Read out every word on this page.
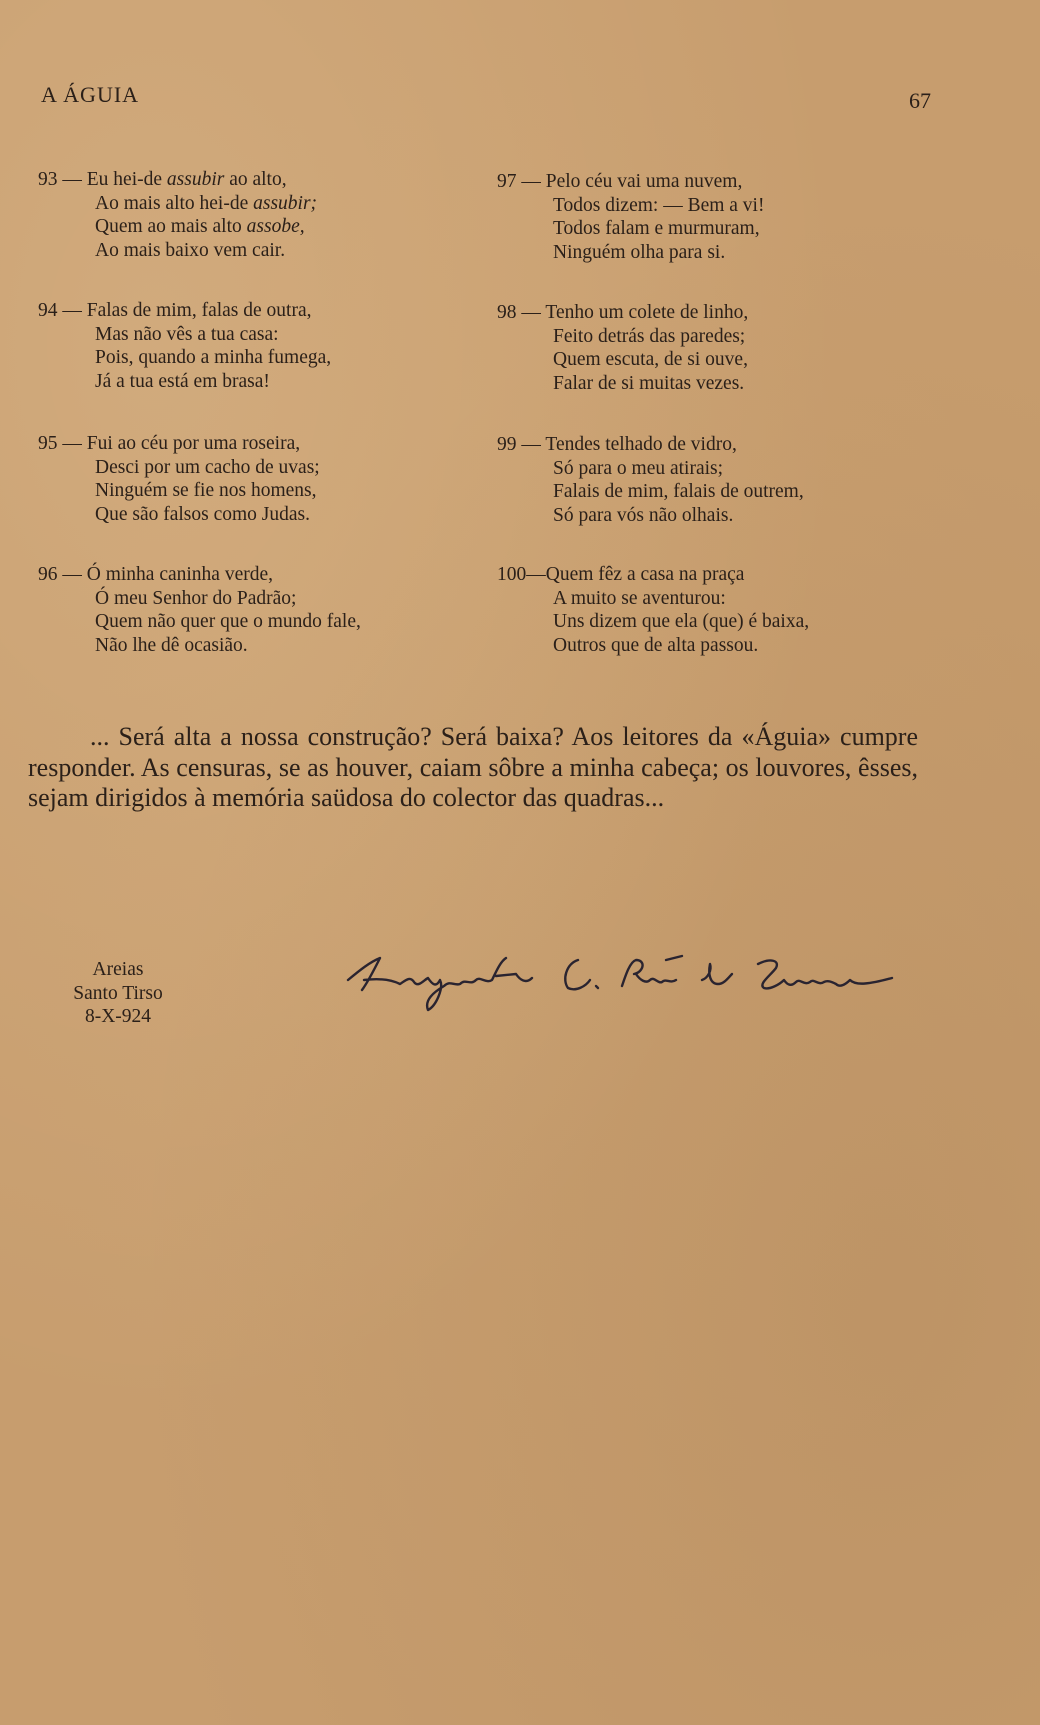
A ÁGUIA	67
93 — Eu hei-de assubir ao alto,
Ao mais alto hei-de assubir;
Quem ao mais alto assobe,
Ao mais baixo vem cair.
94 — Falas de mim, falas de outra,
Mas não vês a tua casa:
Pois, quando a minha fumega,
Já a tua está em brasa!
95 — Fui ao céu por uma roseira,
Desci por um cacho de uvas;
Ninguém se fie nos homens,
Que são falsos como Judas.
96 — Ó minha caninha verde,
Ó meu Senhor do Padrão;
Quem não quer que o mundo fale,
Não lhe dê ocasião.
97 — Pelo céu vai uma nuvem,
Todos dizem: — Bem a vi!
Todos falam e murmuram,
Ninguém olha para si.
98 — Tenho um colete de linho,
Feito detrás das paredes;
Quem escuta, de si ouve,
Falar de si muitas vezes.
99 — Tendes telhado de vidro,
Só para o meu atirais;
Falais de mim, falais de outrem,
Só para vós não olhais.
100—Quem fêz a casa na praça
A muito se aventurou:
Uns dizem que ela (que) é baixa,
Outros que de alta passou.

... Será alta a nossa construção? Será baixa? Aos leitores da «Águia» cumpre responder. As censuras, se as houver, caiam sôbre a minha cabeça; os louvores, êsses, sejam dirigidos à memória saüdosa do colector das quadras...

Areias
Santo Tirso
8-X-924
